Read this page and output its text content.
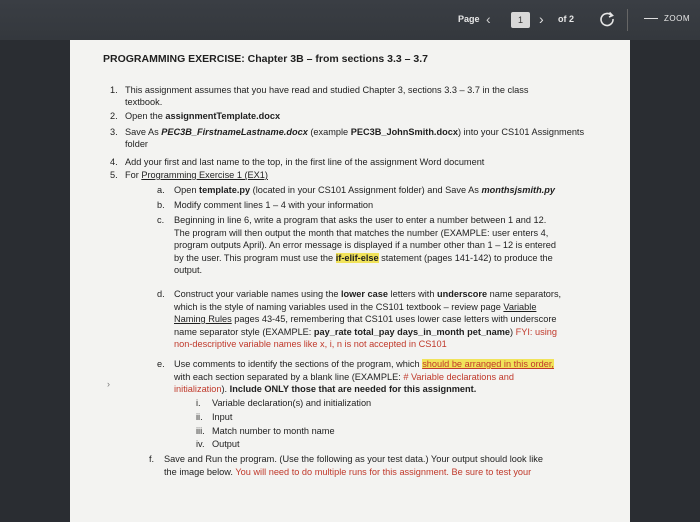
Page ‹	1	› of 2	— ZOOM
PROGRAMMING EXERCISE: Chapter 3B – from sections 3.3 – 3.7
1. This assignment assumes that you have read and studied Chapter 3, sections 3.3 – 3.7 in the class
textbook.
2. Open the assignmentTemplate.docx
3. Save As PEC3B_FirstnameLastname.docx (example PEC3B_JohnSmith.docx) into your CS101 Assignments
folder
4. Add your first and last name to the top, in the first line of the assignment Word document
5. For Programming Exercise 1 (EX1)
a. Open template.py (located in your CS101 Assignment folder) and Save As monthsjsmith.py
b. Modify comment lines 1 – 4 with your information
c. Beginning in line 6, write a program that asks the user to enter a number between 1 and 12.
The program will then output the month that matches the number (EXAMPLE: user enters 4,
program outputs April). An error message is displayed if a number other than 1 – 12 is entered
by the user. This program must use the if-elif-else statement (pages 141-142) to produce the
output.
d. Construct your variable names using the lower case letters with underscore name separators,
which is the style of naming variables used in the CS101 textbook – review page Variable
Naming Rules pages 43-45, remembering that CS101 uses lower case letters with underscore
name separator style (EXAMPLE: pay_rate total_pay days_in_month pet_name) FYI: using
non-descriptive variable names like x, i, n is not accepted in CS101
e. Use comments to identify the sections of the program, which should be arranged in this order,
with each section separated by a blank line (EXAMPLE: # Variable declarations and
initialization). Include ONLY those that are needed for this assignment.
›
i. Variable declaration(s) and initialization
ii. Input
iii. Match number to month name
iv. Output
f. Save and Run the program. (Use the following as your test data.) Your output should look like
the image below. You will need to do multiple runs for this assignment. Be sure to test your
